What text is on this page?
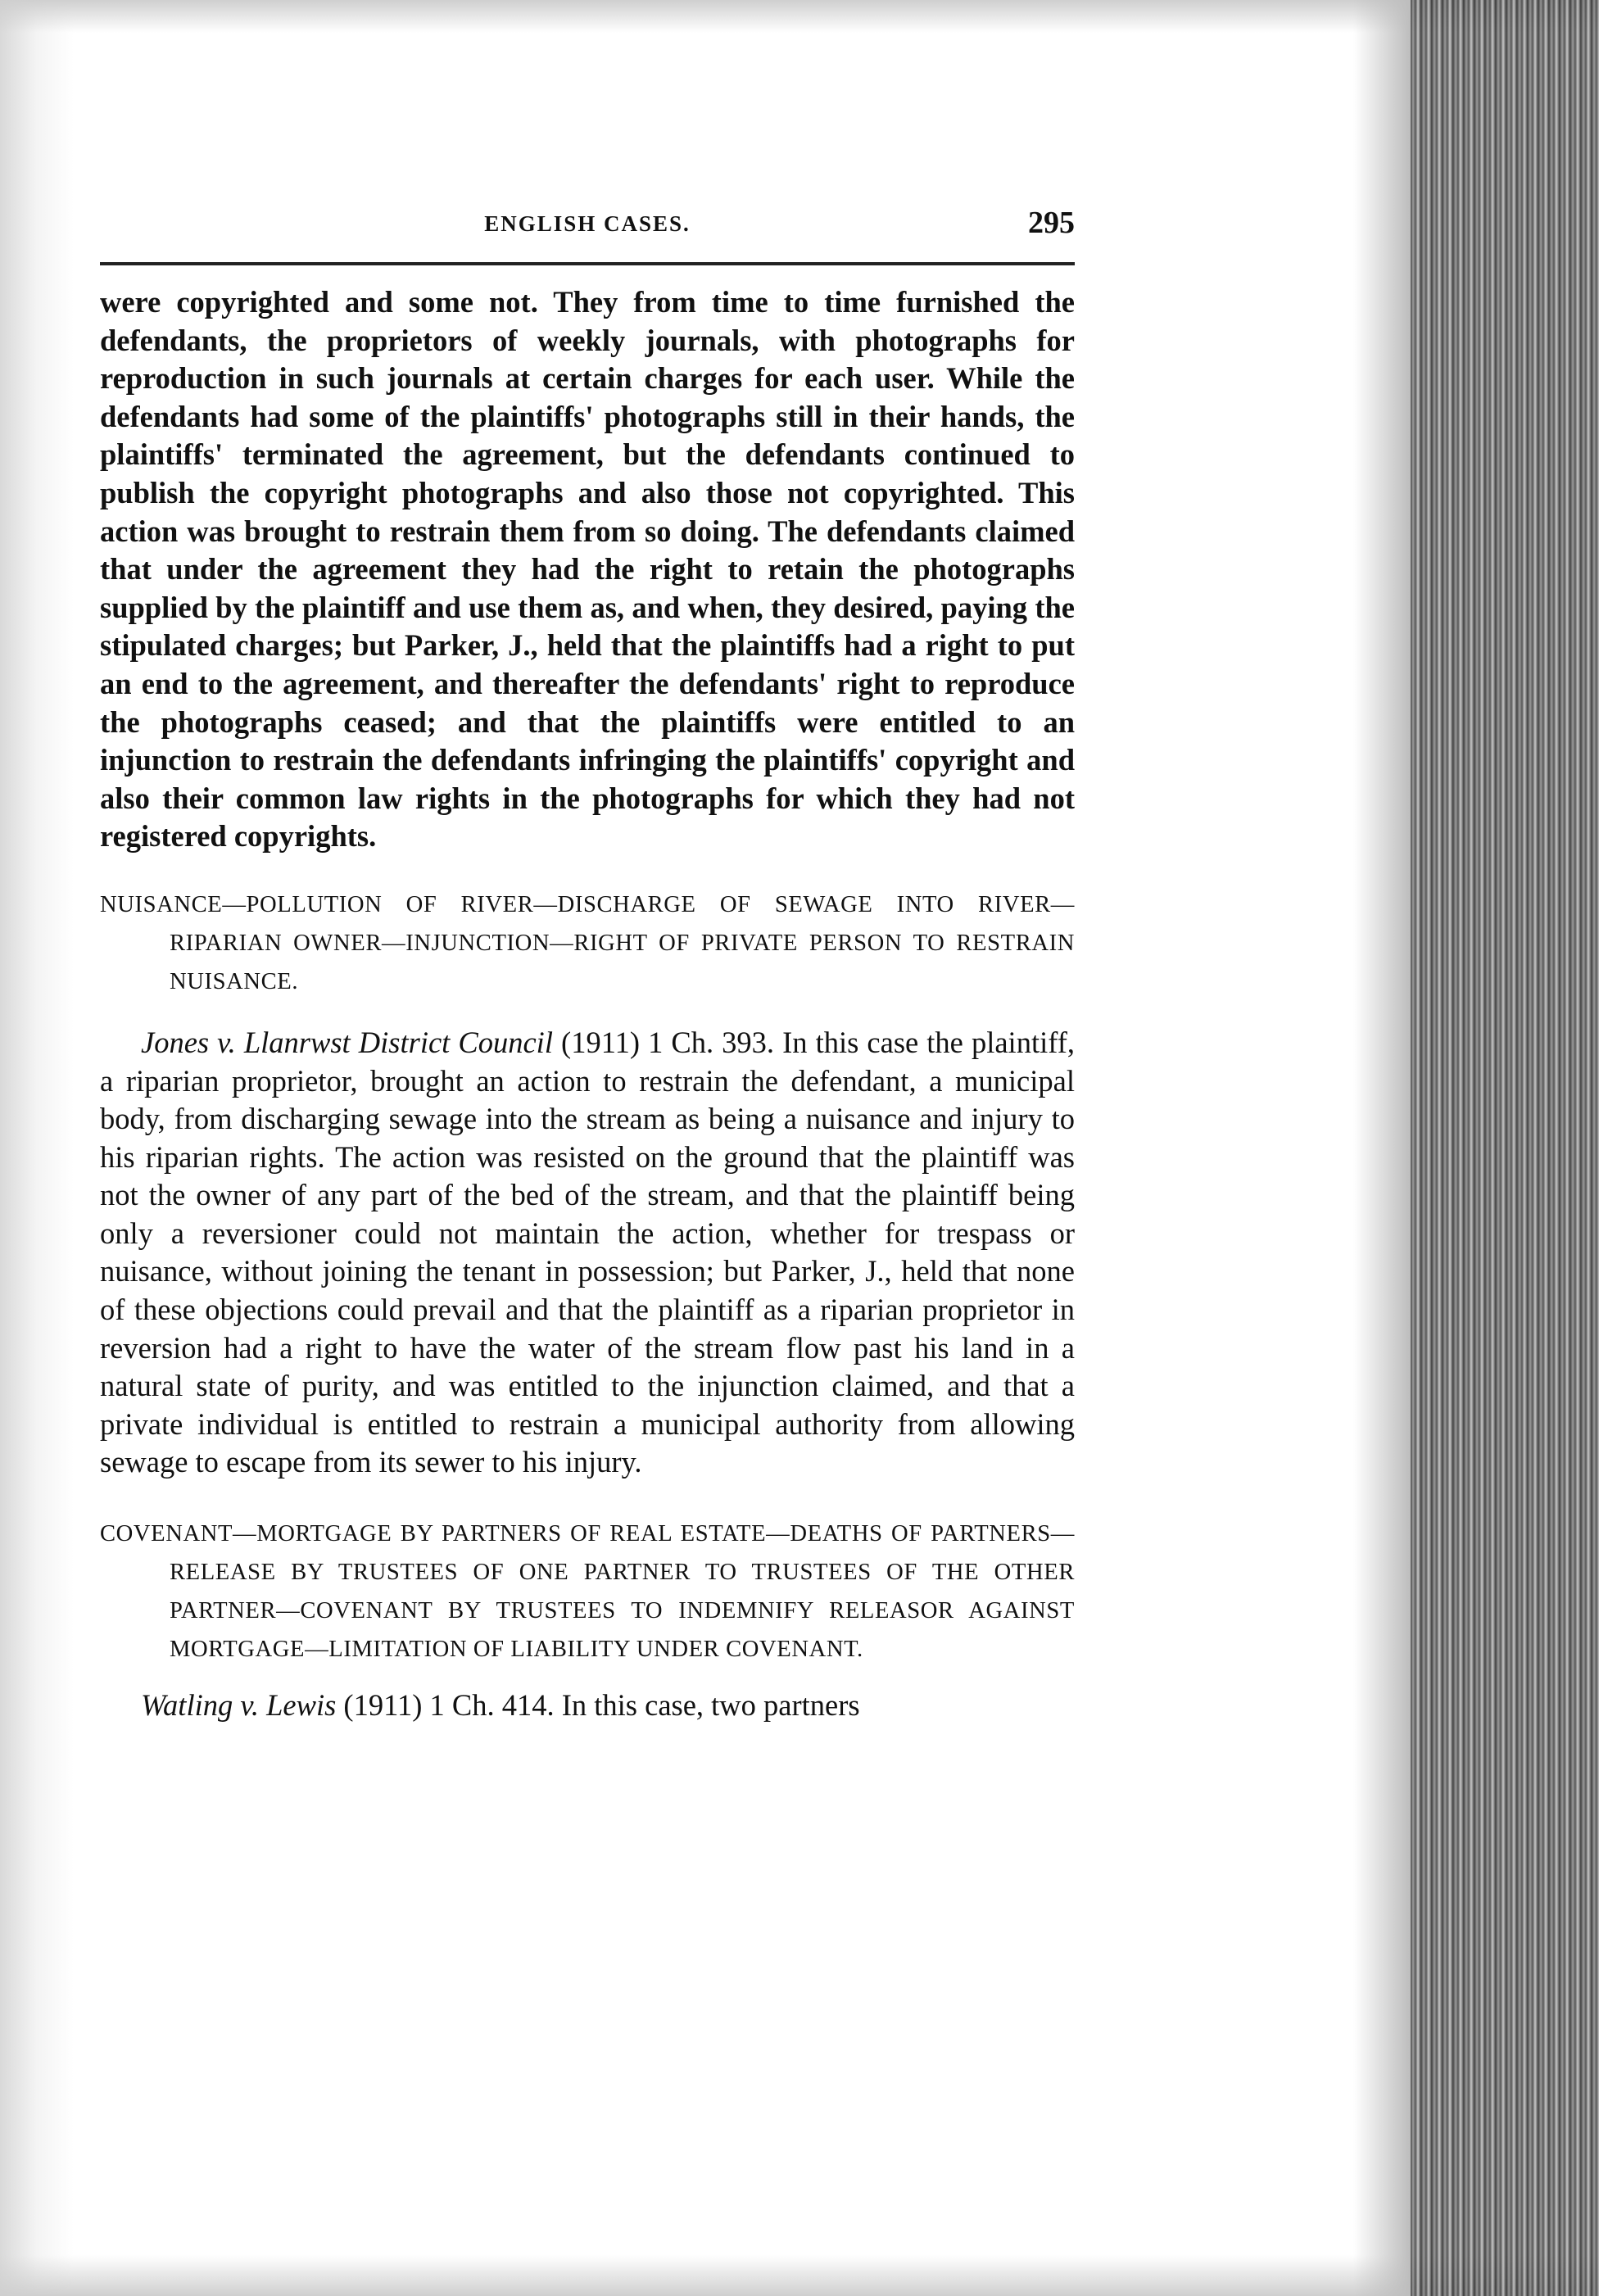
ENGLISH CASES.	295

were copyrighted and some not. They from time to time furnished the defendants, the proprietors of weekly journals, with photographs for reproduction in such journals at certain charges for each user. While the defendants had some of the plaintiffs' photographs still in their hands, the plaintiffs' terminated the agreement, but the defendants continued to publish the copyright photographs and also those not copyrighted. This action was brought to restrain them from so doing. The defendants claimed that under the agreement they had the right to retain the photographs supplied by the plaintiff and use them as, and when, they desired, paying the stipulated charges; but Parker, J., held that the plaintiffs had a right to put an end to the agreement, and thereafter the defendants' right to reproduce the photographs ceased; and that the plaintiffs were entitled to an injunction to restrain the defendants infringing the plaintiffs' copyright and also their common law rights in the photographs for which they had not registered copyrights.

NUISANCE—POLLUTION OF RIVER—DISCHARGE OF SEWAGE INTO RIVER—RIPARIAN OWNER—INJUNCTION—RIGHT OF PRIVATE PERSON TO RESTRAIN NUISANCE.

Jones v. Llanrwst District Council (1911) 1 Ch. 393. In this case the plaintiff, a riparian proprietor, brought an action to restrain the defendant, a municipal body, from discharging sewage into the stream as being a nuisance and injury to his riparian rights. The action was resisted on the ground that the plaintiff was not the owner of any part of the bed of the stream, and that the plaintiff being only a reversioner could not maintain the action, whether for trespass or nuisance, without joining the tenant in possession; but Parker, J., held that none of these objections could prevail and that the plaintiff as a riparian proprietor in reversion had a right to have the water of the stream flow past his land in a natural state of purity, and was entitled to the injunction claimed, and that a private individual is entitled to restrain a municipal authority from allowing sewage to escape from its sewer to his injury.

COVENANT—MORTGAGE BY PARTNERS OF REAL ESTATE—DEATHS OF PARTNERS—RELEASE BY TRUSTEES OF ONE PARTNER TO TRUSTEES OF THE OTHER PARTNER—COVENANT BY TRUSTEES TO INDEMNIFY RELEASOR AGAINST MORTGAGE—LIMITATION OF LIABILITY UNDER COVENANT.

Watling v. Lewis (1911) 1 Ch. 414. In this case, two partners
